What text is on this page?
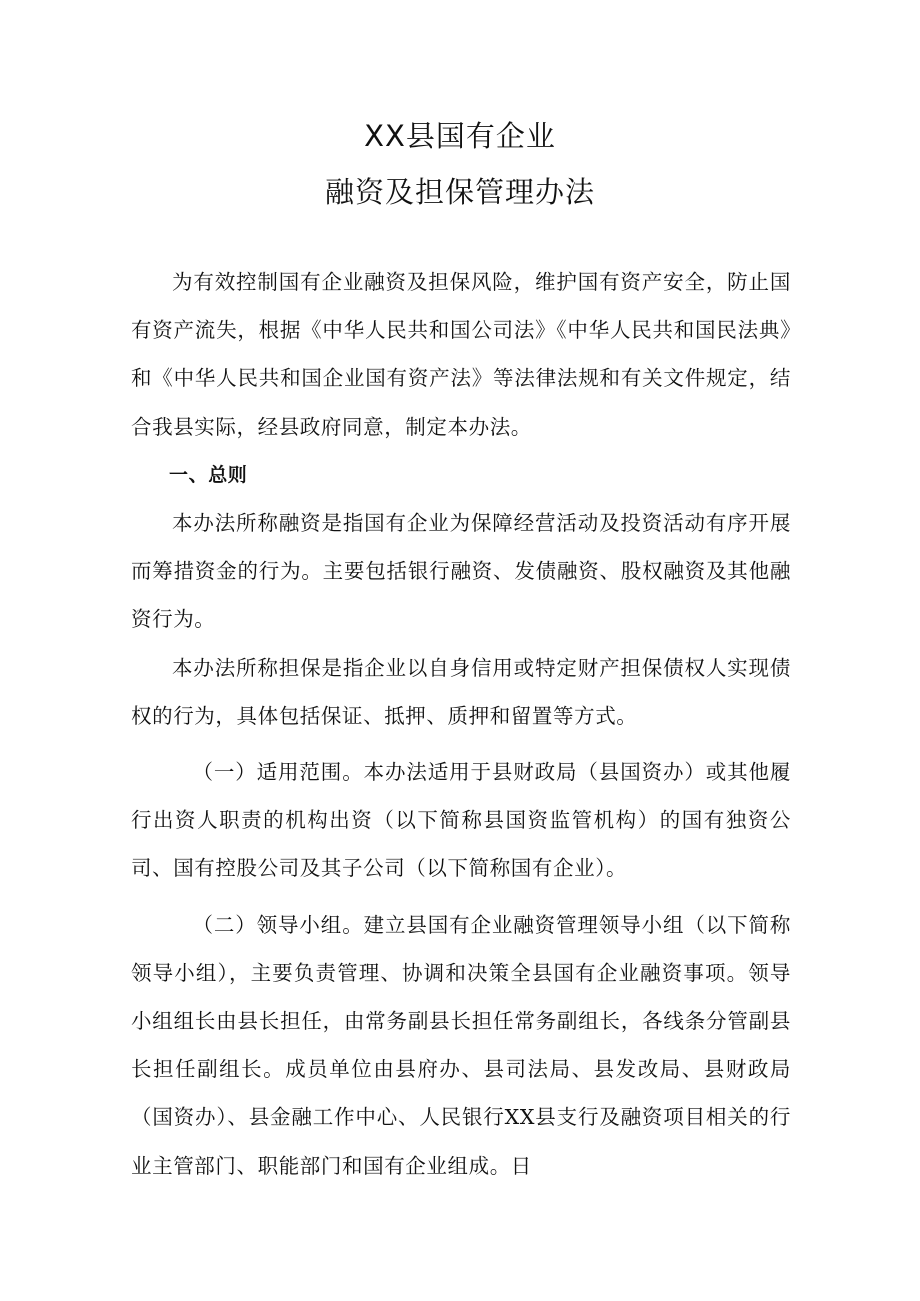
XX县国有企业
融资及担保管理办法

为有效控制国有企业融资及担保风险，维护国有资产安全，防止国有资产流失，根据《中华人民共和国公司法》《中华人民共和国民法典》和《中华人民共和国企业国有资产法》等法律法规和有关文件规定，结合我县实际，经县政府同意，制定本办法。

一、总则

本办法所称融资是指国有企业为保障经营活动及投资活动有序开展而筹措资金的行为。主要包括银行融资、发债融资、股权融资及其他融资行为。

本办法所称担保是指企业以自身信用或特定财产担保债权人实现债权的行为，具体包括保证、抵押、质押和留置等方式。

（一）适用范围。本办法适用于县财政局（县国资办）或其他履行出资人职责的机构出资（以下简称县国资监管机构）的国有独资公司、国有控股公司及其子公司（以下简称国有企业）。

（二）领导小组。建立县国有企业融资管理领导小组（以下简称领导小组），主要负责管理、协调和决策全县国有企业融资事项。领导小组组长由县长担任，由常务副县长担任常务副组长，各线条分管副县长担任副组长。成员单位由县府办、县司法局、县发改局、县财政局（国资办）、县金融工作中心、人民银行XX县支行及融资项目相关的行业主管部门、职能部门和国有企业组成。日
